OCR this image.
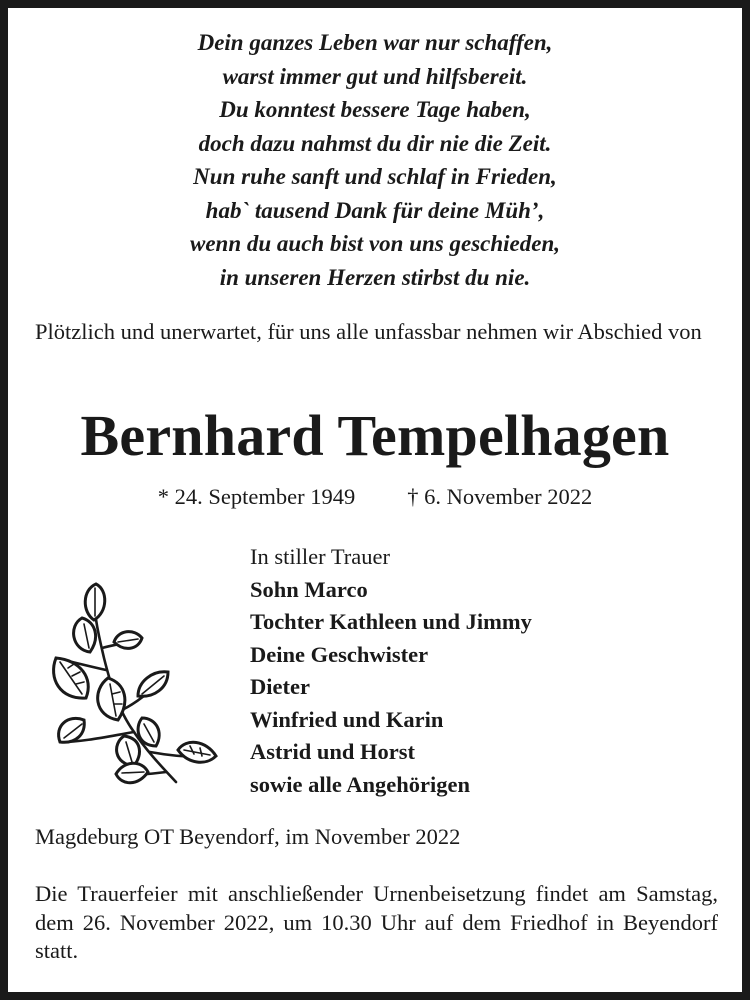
Dein ganzes Leben war nur schaffen,
warst immer gut und hilfsbereit.
Du konntest bessere Tage haben,
doch dazu nahmst du dir nie die Zeit.
Nun ruhe sanft und schlaf in Frieden,
hab` tausend Dank für deine Müh’,
wenn du auch bist von uns geschieden,
in unseren Herzen stirbst du nie.
Plötzlich und unerwartet, für uns alle unfassbar nehmen wir Abschied von
Bernhard Tempelhagen
* 24. September 1949 † 6. November 2022
In stiller Trauer
Sohn Marco
Tochter Kathleen und Jimmy
Deine Geschwister
Dieter
Winfried und Karin
Astrid und Horst
sowie alle Angehörigen
Magdeburg OT Beyendorf, im November 2022
Die Trauerfeier mit anschließender Urnenbeisetzung findet am Samstag, dem 26. November 2022, um 10.30 Uhr auf dem Friedhof in Beyendorf statt.
